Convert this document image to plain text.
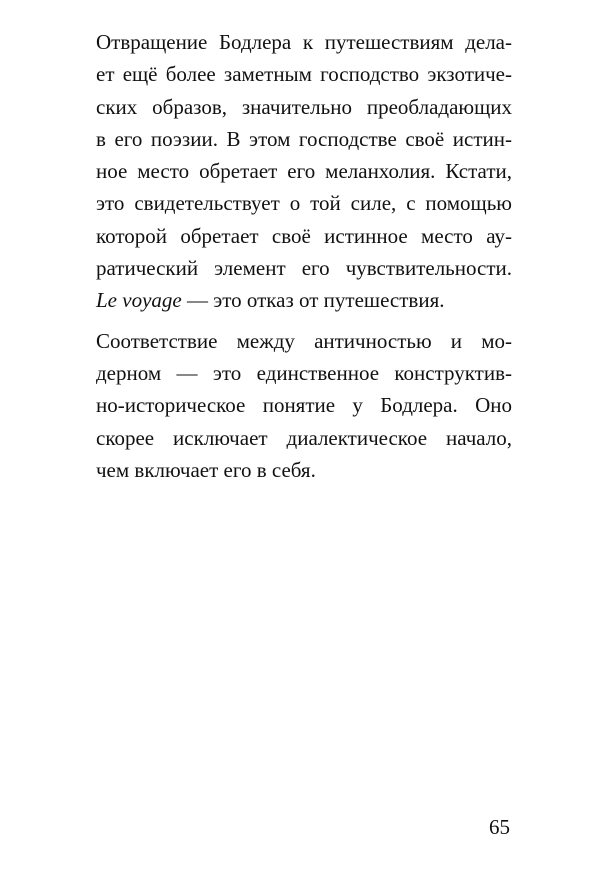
Отвращение Бодлера к путешествиям дела-
ет ещё более заметным господство экзотиче-
ских образов, значительно преобладающих
в его поэзии. В этом господстве своё истин-
ное место обретает его меланхолия. Кстати,
это свидетельствует о той силе, с помощью
которой обретает своё истинное место ау-
ратический элемент его чувствительности.
Le voyage — это отказ от путешествия.
Соответствие между античностью и мо-
дерном — это единственное конструктив-
но-историческое понятие у Бодлера. Оно
скорее исключает диалектическое начало,
чем включает его в себя.
65
